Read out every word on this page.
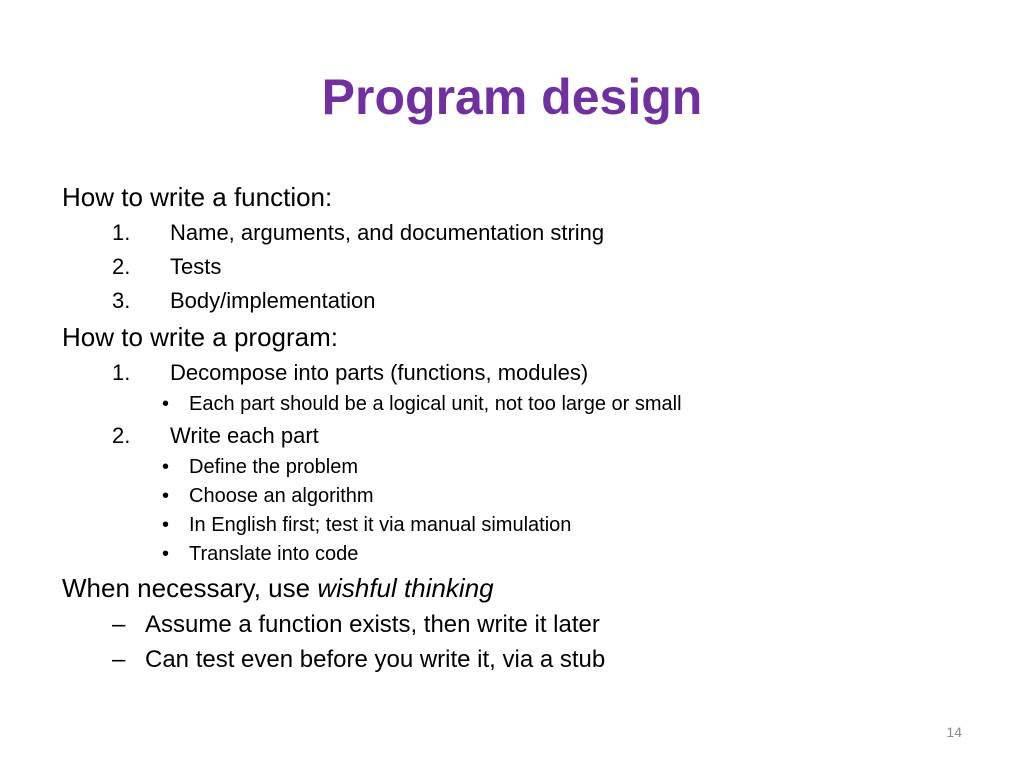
Program design
How to write a function:
1. Name, arguments, and documentation string
2. Tests
3. Body/implementation
How to write a program:
1. Decompose into parts (functions, modules)
• Each part should be a logical unit, not too large or small
2. Write each part
• Define the problem
• Choose an algorithm
• In English first; test it via manual simulation
• Translate into code
When necessary, use wishful thinking
– Assume a function exists, then write it later
– Can test even before you write it, via a stub
14
